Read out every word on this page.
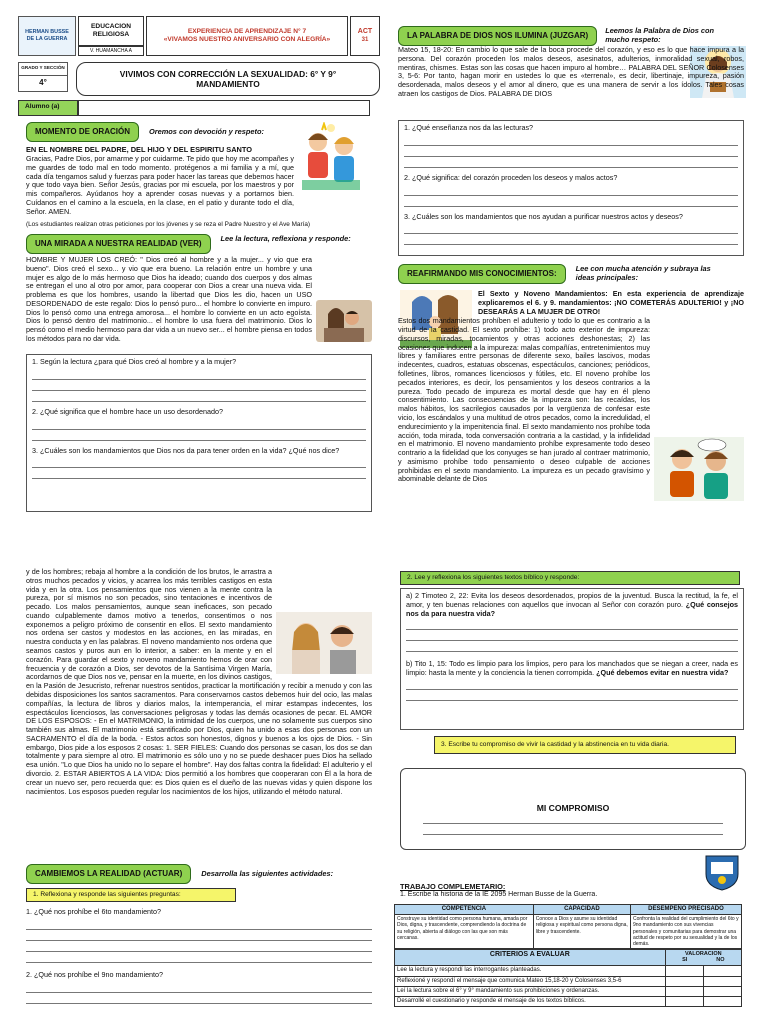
HERMAN BUSSE DE LA GUERRA
EDUCACION RELIGIOSA
V. HUAMANCHA A
EXPERIENCIA DE APRENDIZAJE N° 7
«VIVAMOS NUESTRO ANIVERSARIO CON ALEGRÍA»
ACT
31
GRADO Y SECCIÓN
4°
VIVIMOS CON CORRECCIÓN LA SEXUALIDAD: 6° Y 9° MANDAMIENTO
Alumno (a)
MOMENTO DE ORACIÓN	Oremos con devoción y respeto:

EN EL NOMBRE DEL PADRE, DEL HIJO Y DEL ESPIRITU SANTO

Gracias, Padre Dios, por amarme y por cuidarme. Te pido que hoy me acompañes y me guardes de todo mal en todo momento. protégenos a mi familia y a mí, que cada día tengamos salud y fuerzas para poder hacer las tareas que debemos hacer y que todo vaya bien. Señor Jesús, gracias por mi escuela, por los maestros y por mis compañeros. Ayúdanos hoy a aprender cosas nuevas y a portarnos bien. Cuídanos en el camino a la escuela, en la clase, en el patio y durante todo el día, Señor. AMEN.

(Los estudiantes realizan otras peticiones por los jóvenes y se reza el Padre Nuestro y el Ave María)

UNA MIRADA A NUESTRA REALIDAD (VER)
Lee la lectura, reflexiona y responde:

HOMBRE Y MUJER LOS CREÓ: " Dios creó al hombre y a la mujer... y vio que era bueno". Dios creó el sexo... y vio que era bueno. La relación entre un hombre y una mujer es algo de lo más hermoso que Dios ha ideado; cuando dos cuerpos y dos almas se entregan el uno al otro por amor, para cooperar con Dios a crear una nueva vida. El problema es que los hombres, usando la libertad que Dios les dio, hacen un USO DESORDENADO de este regalo: Dios lo pensó puro... el hombre lo convierte en impuro. Dios lo pensó como una entrega amorosa... el hombre lo convierte en un acto egoísta. Dios lo pensó dentro del matrimonio... el hombre lo usa fuera del matrimonio. Dios lo pensó como el medio hermoso para dar vida a un nuevo ser... el hombre piensa en todos los métodos para no dar vida.

1. Según la lectura ¿para qué Dios creó al hombre y a la mujer?
2. ¿Qué significa que el hombre hace un uso desordenado?
3. ¿Cuáles son los mandamientos que Dios nos da para tener orden en la vida? ¿Qué nos dice?
LA PALABRA DE DIOS NOS ILUMINA (JUZGAR)
Leemos la Palabra de Dios con mucho respeto:

Mateo 15, 18-20: En cambio lo que sale de la boca procede del corazón, y eso es lo que hace impura a la persona. Del corazón proceden los malos deseos, asesinatos, adulterios, inmoralidad sexual, robos, mentiras, chismes. Estas son las cosas que hacen impuro al hombre… PALABRA DEL SEÑOR Colosenses 3, 5-6: Por tanto, hagan morir en ustedes lo que es «terrenal», es decir, libertinaje, impureza, pasión desordenada, malos deseos y el amor al dinero, que es una manera de servir a los ídolos. Tales cosas atraen los castigos de Dios. PALABRA DE DIOS

1. ¿Qué enseñanza nos da las lecturas?
2. ¿Qué significa: del corazón proceden los deseos y malos actos?
3. ¿Cuáles son los mandamientos que nos ayudan a purificar nuestros actos y deseos?
REAFIRMANDO MIS CONOCIMIENTOS:
Lee con mucha atención y subraya las ideas principales:

El Sexto y Noveno Mandamientos: En esta experiencia de aprendizaje explicaremos el 6. y 9. mandamientos: ¡NO COMETERÁS ADULTERIO! y ¡NO DESEARÁS A LA MUJER DE OTRO!

Estos dos mandamientos prohíben el adulterio y todo lo que es contrario a la virtud de la castidad. El sexto prohíbe: 1) todo acto exterior de impureza: discursos, miradas, tocamientos y otras acciones deshonestas; 2) las ocasiones que inducen a la impureza: malas compañías, entretenimientos muy libres y familiares entre personas de diferente sexo, bailes lascivos, modas indecentes, cuadros, estatuas obscenas, espectáculos, canciones; periódicos, folletines, libros, romances licenciosos y fútiles, etc. El noveno prohíbe los pecados interiores, es decir, los pensamientos y los deseos contrarios a la pureza. Todo pecado de impureza es mortal desde que hay en él pleno consentimiento. Las consecuencias de la impureza son: las recaídas, los malos hábitos, los sacrilegios causados por la vergüenza de confesar este vicio, los escándalos y una multitud de otros pecados, como la incredulidad, el endurecimiento y la impenitencia final. El sexto mandamiento nos prohíbe toda acción, toda mirada, toda conversación contraria a la castidad, y la infidelidad en el matrimonio. El noveno mandamiento prohíbe expresamente todo deseo contrario a la fidelidad que los conyuges se han jurado al contraer matrimonio, y asimismo prohíbe todo pensamiento o deseo culpable de acciones prohibidas en el sexto mandamiento. La impureza es un pecado gravísimo y abominable delante de Dios

y de los hombres; rebaja al hombre a la condición de los brutos, le arrastra a otros muchos pecados y vicios, y acarrea los más terribles castigos en esta vida y en la otra. Los pensamientos que nos vienen a la mente contra la pureza, por sí mismos no son pecados, sino tentaciones e incentivos de pecado. Los malos pensamientos, aunque sean ineficaces, son pecado cuando culpablemente damos motivo a tenerlos, consentimos o nos exponemos a peligro próximo de consentir en ellos. El sexto mandamiento nos ordena ser castos y modestos en las acciones, en las miradas, en nuestra conducta y en las palabras. El noveno mandamiento nos ordena que seamos castos y puros aun en lo interior, a saber: en la mente y en el corazón. Para guardar el sexto y noveno mandamiento hemos de orar con frecuencia y de corazón a Dios, ser devotos de la Santísima Virgen María, acordarnos de que Dios nos ve, pensar en la muerte, en los divinos castigos, en la Pasión de Jesucristo, refrenar nuestros sentidos, practicar la mortificación y recibir a menudo y con las debidas disposiciones los santos sacramentos. Para conservarnos castos debemos huir del ocio, las malas compañías, la lectura de libros y diarios malos, la intemperancia, el mirar estampas indecentes, los espectáculos licenciosos, las conversaciones peligrosas y todas las demás ocasiones de pecar. EL AMOR DE LOS ESPOSOS: - En el MATRIMONIO, la intimidad de los cuerpos, une no solamente sus cuerpos sino también sus almas. El matrimonio está santificado por Dios, quien ha unido a esas dos personas con un SACRAMENTO el día de la boda. - Estos actos son honestos, dignos y buenos a los ojos de Dios. - Sin embargo, Dios pide a los esposos 2 cosas: 1. SER FIELES: Cuando dos personas se casan, los dos se dan totalmente y para siempre al otro. El matrimonio es sólo uno y no se puede deshacer pues Dios ha sellado esa unión. "Lo que Dios ha unido no lo separe el hombre". Hay dos faltas contra la fidelidad: El adulterio y el divorcio. 2. ESTAR ABIERTOS A LA VIDA: Dios permitió a los hombres que cooperaran con Él a la hora de crear un nuevo ser, pero recuerda que: es Dios quien es el dueño de las nuevas vidas y quien dispone los nacimientos. Los esposos pueden regular los nacimientos de los hijos, utilizando el método natural.

CAMBIEMOS LA REALIDAD (ACTUAR)	Desarrolla las siguientes actividades:
1. Reflexiona y responde las siguientes preguntas:
1. ¿Qué nos prohíbe el 6to mandamiento?
2. ¿Qué nos prohíbe el 9no mandamiento?
2. Lee y reflexiona los siguientes textos bíblico y responde:

a) 2 Timoteo 2, 22: Evita los deseos desordenados, propios de la juventud. Busca la rectitud, la fe, el amor, y ten buenas relaciones con aquellos que invocan al Señor con corazón puro. ¿Qué consejos nos da para nuestra vida?

b) Tito 1, 15: Todo es limpio para los limpios, pero para los manchados que se niegan a creer, nada es limpio: hasta la mente y la conciencia la tienen corrompida. ¿Qué debemos evitar en nuestra vida?

3. Escribe tu compromiso de vivir la castidad y la abstinencia en tu vida diaria.
MI COMPROMISO
TRABAJO COMPLEMETARIO:
1. Escribe la historia de la IE 2095 Herman Busse de la Guerra.
COMPETENCIA	CAPACIDAD	DESEMPEÑO PRECISADO
Construye su identidad como persona humana, amada por Dios, digna, y trascendente, comprendiendo la doctrina de su religión, abierta al diálogo con las que son más cercanas.	Conoce a Dios y asume su identidad religiosa y espiritual como persona digna, libre y trascendente.	Confronta la realidad del cumplimiento del 6to y 9no mandamiento con sus vivencias personales y comunitarias para demostrar una actitud de respeto por su sexualidad y la de los demás.
CRITERIOS A EVALUAR	VALORACION
SI NO	

Lee la lectura y respondí las interrogantes planteadas.		
Reflexioné y respondí el mensaje que comunica Mateo 15,18-20 y Colosenses 3,5-6		
Leí la lectura sobre el 6° y 9° mandamiento sus prohibiciones y ordenanzas.		
Desarrollé el cuestionario y responde el mensaje de los textos bíblicos.		
